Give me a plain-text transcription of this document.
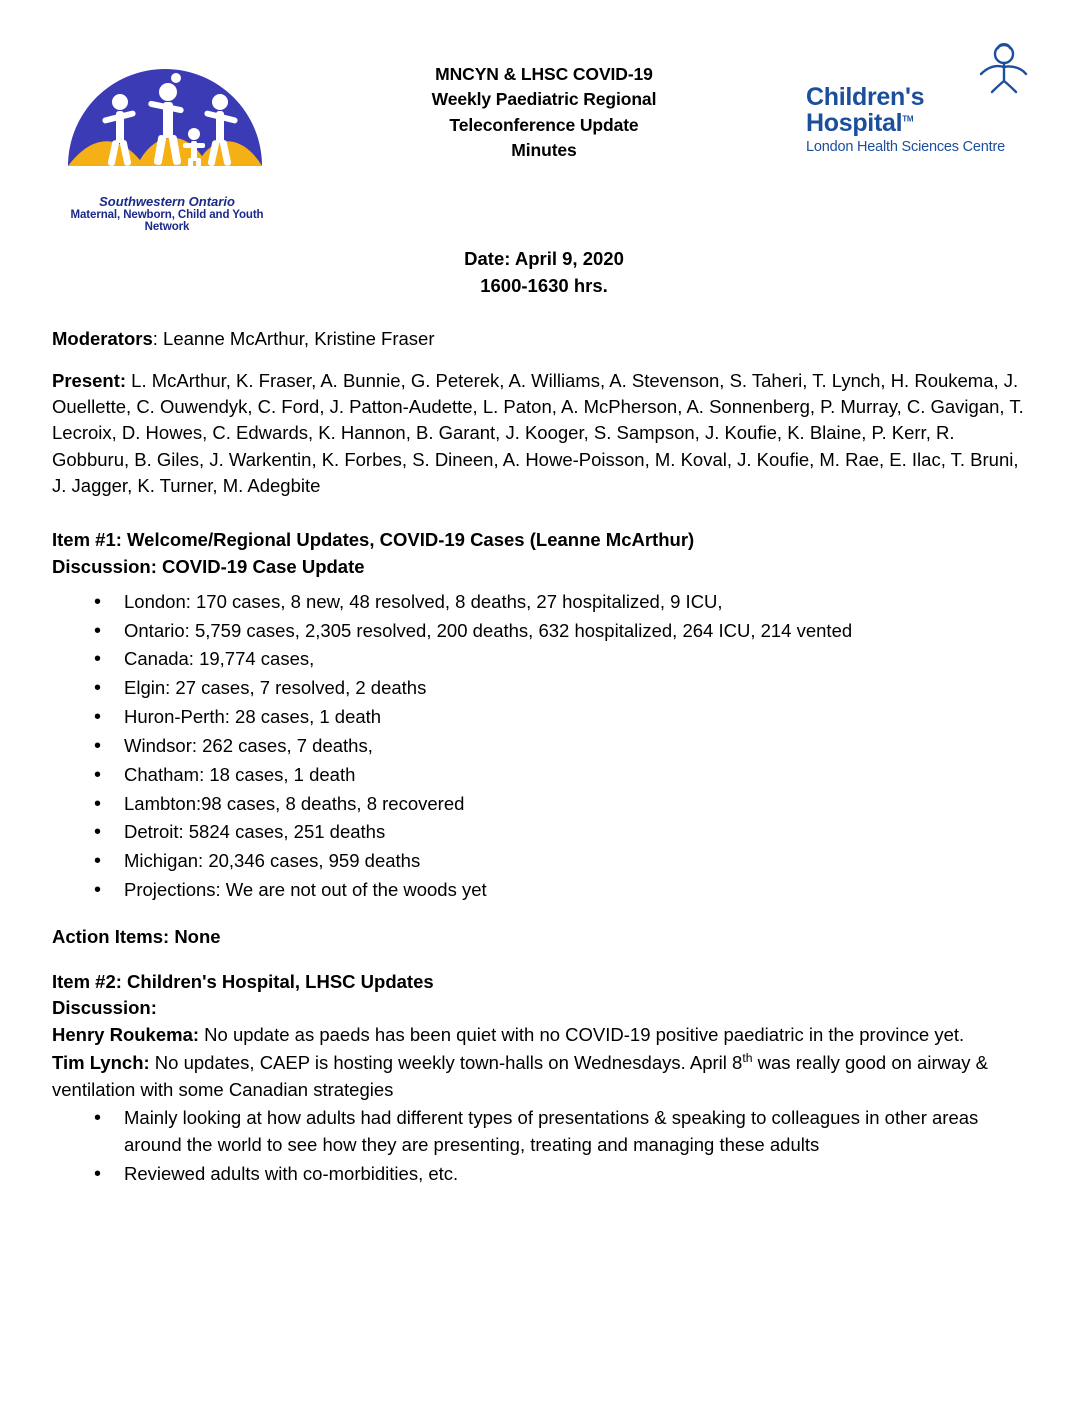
Southwestern Ontario
Maternal, Newborn, Child and Youth Network
MNCYN & LHSC COVID-19
Weekly Paediatric Regional
Teleconference Update
Minutes
Children's Hospital™
London Health Sciences Centre
Date: April 9, 2020
1600-1630 hrs.

Moderators: Leanne McArthur, Kristine Fraser

Present: L. McArthur, K. Fraser, A. Bunnie, G. Peterek, A. Williams, A. Stevenson, S. Taheri, T. Lynch, H. Roukema, J. Ouellette, C. Ouwendyk, C. Ford, J. Patton-Audette, L. Paton, A. McPherson, A. Sonnenberg, P. Murray, C. Gavigan, T. Lecroix, D. Howes, C. Edwards, K. Hannon, B. Garant, J. Kooger, S. Sampson, J. Koufie, K. Blaine, P. Kerr, R. Gobburu, B. Giles, J. Warkentin, K. Forbes, S. Dineen, A. Howe-Poisson, M. Koval, J. Koufie, M. Rae, E. Ilac, T. Bruni, J. Jagger, K. Turner, M. Adegbite

Item #1: Welcome/Regional Updates, COVID-19 Cases (Leanne McArthur)
Discussion: COVID-19 Case Update
• London: 170 cases, 8 new, 48 resolved, 8 deaths, 27 hospitalized, 9 ICU,
• Ontario: 5,759 cases, 2,305 resolved, 200 deaths, 632 hospitalized, 264 ICU, 214 vented
• Canada: 19,774 cases,
• Elgin: 27 cases, 7 resolved, 2 deaths
• Huron-Perth: 28 cases, 1 death
• Windsor: 262 cases, 7 deaths,
• Chatham: 18 cases, 1 death
• Lambton:98 cases, 8 deaths, 8 recovered
• Detroit: 5824 cases, 251 deaths
• Michigan: 20,346 cases, 959 deaths
• Projections: We are not out of the woods yet
Action Items: None
Item #2: Children's Hospital, LHSC Updates
Discussion:

Henry Roukema: No update as paeds has been quiet with no COVID-19 positive paediatric in the province yet.

Tim Lynch: No updates, CAEP is hosting weekly town-halls on Wednesdays. April 8th was really good on airway & ventilation with some Canadian strategies

• Mainly looking at how adults had different types of presentations & speaking to colleagues in other areas around the world to see how they are presenting, treating and managing these adults
• Reviewed adults with co-morbidities, etc.
